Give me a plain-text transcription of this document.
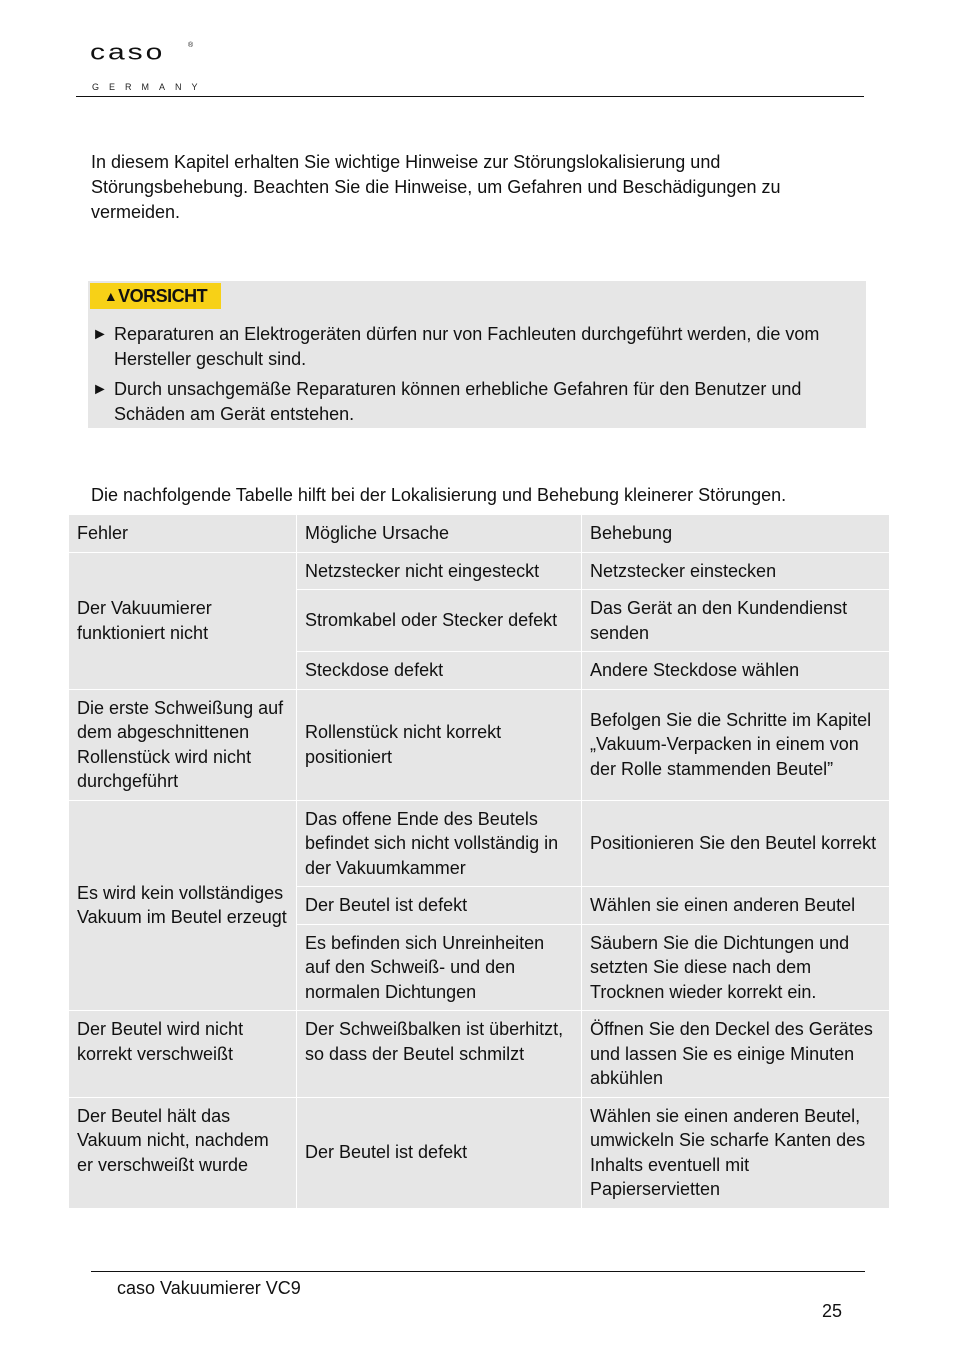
caso	®
GERMANY

In diesem Kapitel erhalten Sie wichtige Hinweise zur Störungslokalisierung und Störungsbehebung. Beachten Sie die Hinweise, um Gefahren und Beschädigungen zu vermeiden.

▲ VORSICHT
► Reparaturen an Elektrogeräten dürfen nur von Fachleuten durchgeführt werden, die vom Hersteller geschult sind.
► Durch unsachgemäße Reparaturen können erhebliche Gefahren für den Benutzer und Schäden am Gerät entstehen.

Die nachfolgende Tabelle hilft bei der Lokalisierung und Behebung kleinerer Störungen.

Fehler	Mögliche Ursache	Behebung
Der Vakuumierer funktioniert nicht	Netzstecker nicht eingesteckt	Netzstecker einstecken
	Stromkabel oder Stecker defekt	Das Gerät an den Kundendienst senden
	Steckdose defekt	Andere Steckdose wählen
Die erste Schweißung auf dem abgeschnittenen Rollenstück wird nicht durchgeführt	Rollenstück nicht korrekt positioniert	Befolgen Sie die Schritte im Kapitel „Vakuum-Verpacken in einem von der Rolle stammenden Beutel”
Es wird kein vollständiges Vakuum im Beutel erzeugt	Das offene Ende des Beutels befindet sich nicht vollständig in der Vakuumkammer	Positionieren Sie den Beutel korrekt
	Der Beutel ist defekt	Wählen sie einen anderen Beutel
	Es befinden sich Unreinheiten auf den Schweiß- und den normalen Dichtungen	Säubern Sie die Dichtungen und setzten Sie diese nach dem Trocknen wieder korrekt ein.
Der Beutel wird nicht korrekt verschweißt	Der Schweißbalken ist überhitzt, so dass der Beutel schmilzt	Öffnen Sie den Deckel des Gerätes und lassen Sie es einige Minuten abkühlen
Der Beutel hält das Vakuum nicht, nachdem er verschweißt wurde	Der Beutel ist defekt	Wählen sie einen anderen Beutel, umwickeln Sie scharfe Kanten des Inhalts eventuell mit Papierservietten
caso Vakuumierer VC9
25
